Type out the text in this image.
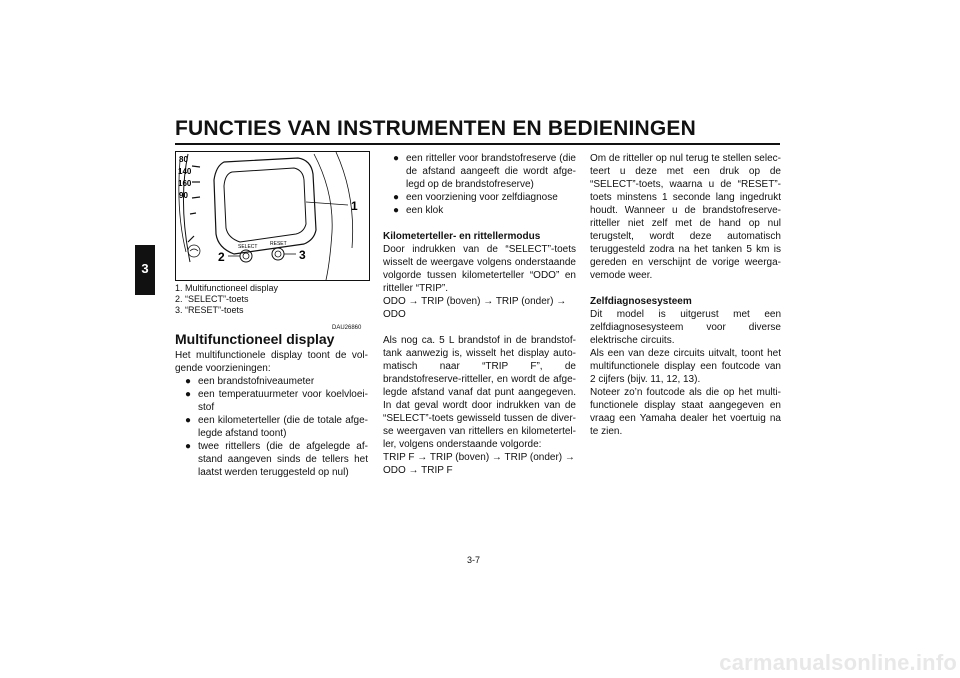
FUNCTIES VAN INSTRUMENTEN EN BEDIENINGEN
3
80
140
160
90
1
SELECT	RESET
2	3
1. Multifunctioneel display
2. “SELECT”-toets
3. “RESET”-toets
DAU26860
Multifunctioneel display

Het multifunctionele display toont de volgende voorzieningen:

● een brandstofniveaumeter
● een temperatuurmeter voor koelvloeistof
● een kilometerteller (die de totale afgelegde afstand toont)
● twee rittellers (die de afgelegde afstand aangeven sinds de tellers het laatst werden teruggesteld op nul)
● een ritteller voor brandstofreserve (die de afstand aangeeft die wordt afgelegd op de brandstofreserve)
● een voorziening voor zelfdiagnose
● een klok
Kilometerteller- en rittellermodus

Door indrukken van de “SELECT”-toets wisselt de weergave volgens onderstaande volgorde tussen kilometerteller “ODO” en ritteller “TRIP”.

ODO → TRIP (boven) → TRIP (onder) → ODO

Als nog ca. 5 L brandstof in de brandstoftank aanwezig is, wisselt het display automatisch naar “TRIP F”, de brandstofreserve-ritteller, en wordt de afgelegde afstand vanaf dat punt aangegeven. In dat geval wordt door indrukken van de “SELECT”-toets gewisseld tussen de diverse weergaven van rittellers en kilometerteller, volgens onderstaande volgorde:

TRIP F → TRIP (boven) → TRIP (onder) → ODO → TRIP F

Om de ritteller op nul terug te stellen selecteert u deze met een druk op de “SELECT”-toets, waarna u de “RESET”-toets minstens 1 seconde lang ingedrukt houdt. Wanneer u de brandstofreserve-ritteller niet zelf met de hand op nul terugstelt, wordt deze automatisch teruggesteld zodra na het tanken 5 km is gereden en verschijnt de vorige weergavemode weer.

Zelfdiagnosesysteem

Dit model is uitgerust met een zelfdiagnosesysteem voor diverse elektrische circuits.

Als een van deze circuits uitvalt, toont het multifunctionele display een foutcode van 2 cijfers (bijv. 11, 12, 13).

Noteer zo’n foutcode als die op het multifunctionele display staat aangegeven en vraag een Yamaha dealer het voertuig na te zien.

3-7
carmanualsonline.info
